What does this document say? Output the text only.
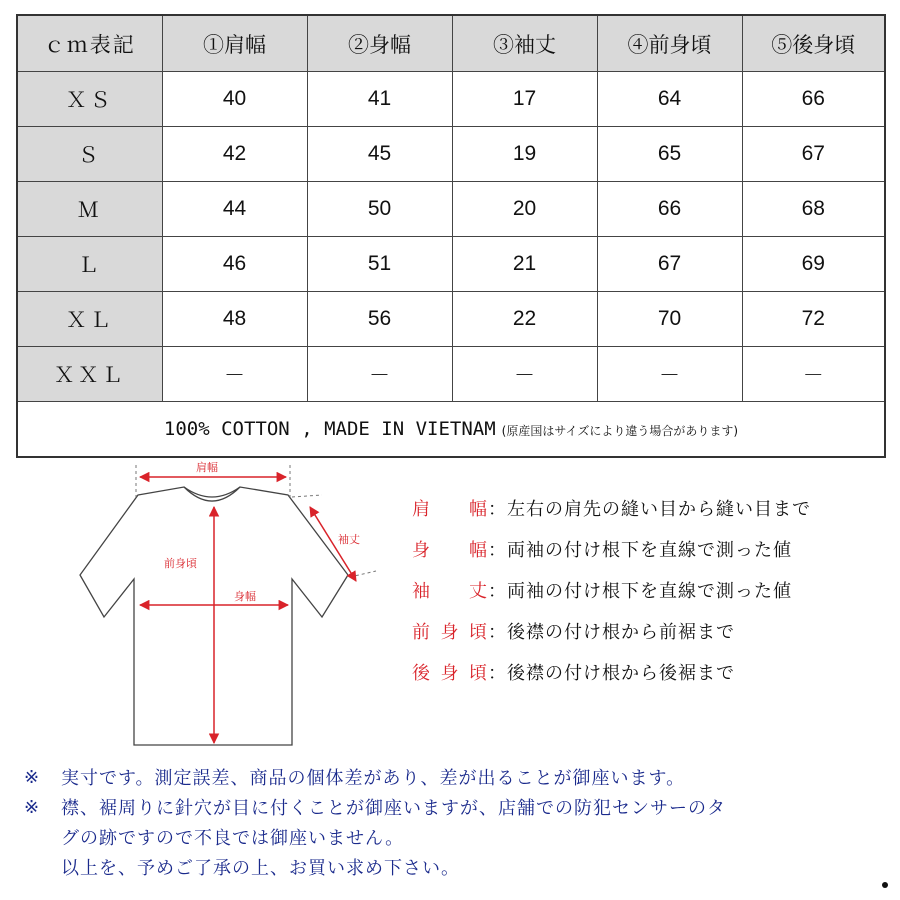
ｃｍ表記	①肩幅	②身幅	③袖丈	④前身頃	⑤後身頃
ＸＳ	40	41	17	64	66
Ｓ	42	45	19	65	67
Ｍ	44	50	20	66	68
Ｌ	46	51	21	67	69
ＸＬ	48	56	22	70	72
ＸＸＬ	－	－	－	－	－
100% COTTON , MADE IN VIETNAM (原産国はサイズにより違う場合があります)					
肩幅
袖丈
前身頃
身幅
肩幅 ： 左右の肩先の縫い目から縫い目まで
身幅 ： 両袖の付け根下を直線で測った値
袖丈 ： 両袖の付け根下を直線で測った値
前身頃 ： 後襟の付け根から前裾まで
後身頃 ： 後襟の付け根から後裾まで
※	実寸です。測定誤差、商品の個体差があり、差が出ることが御座います。
※	襟、裾周りに針穴が目に付くことが御座いますが、店舗での防犯センサーのタ
グの跡ですので不良では御座いません。
以上を、予めご了承の上、お買い求め下さい。
